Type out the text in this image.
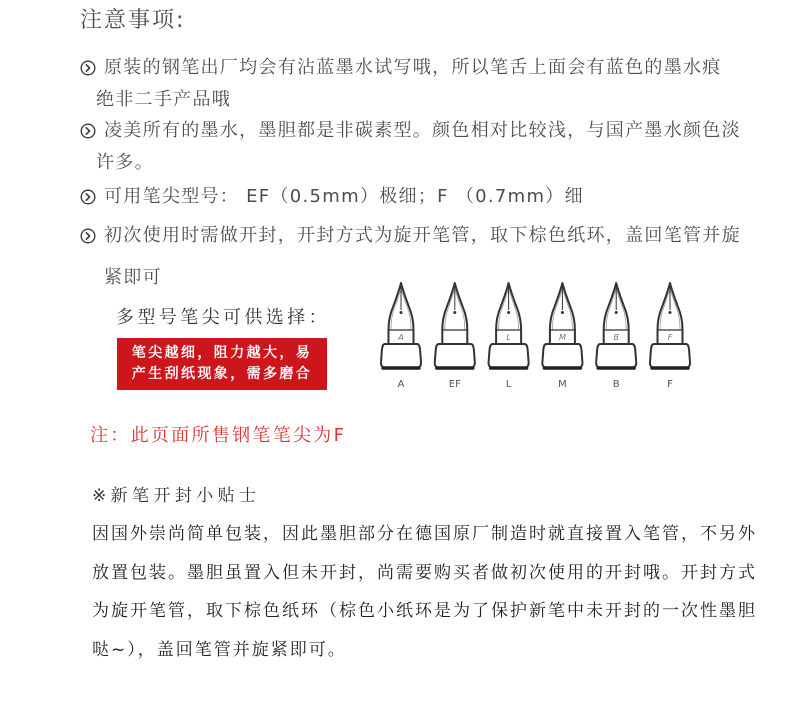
注意事项:
原装的钢笔出厂均会有沾蓝墨水试写哦，所以笔舌上面会有蓝色的墨水痕
绝非二手产品哦
凌美所有的墨水，墨胆都是非碳素型。颜色相对比较浅，与国产墨水颜色淡
许多。
可用笔尖型号： EF（0.5mm）极细；F （0.7mm）细
初次使用时需做开封，开封方式为旋开笔管，取下棕色纸环，盖回笔管并旋
紧即可
多型号笔尖可供选择：
笔尖越细，阻力越大，易
产生刮纸现象，需多磨合
A
A	EF
L
L
M
M
B
B
F
F
注：此页面所售钢笔笔尖为F
※新笔开封小贴士
因国外崇尚简单包装，因此墨胆部分在德国原厂制造时就直接置入笔管，不另外
放置包装。墨胆虽置入但未开封，尚需要购买者做初次使用的开封哦。开封方式
为旋开笔管，取下棕色纸环（棕色小纸环是为了保护新笔中未开封的一次性墨胆
哒~），盖回笔管并旋紧即可。
